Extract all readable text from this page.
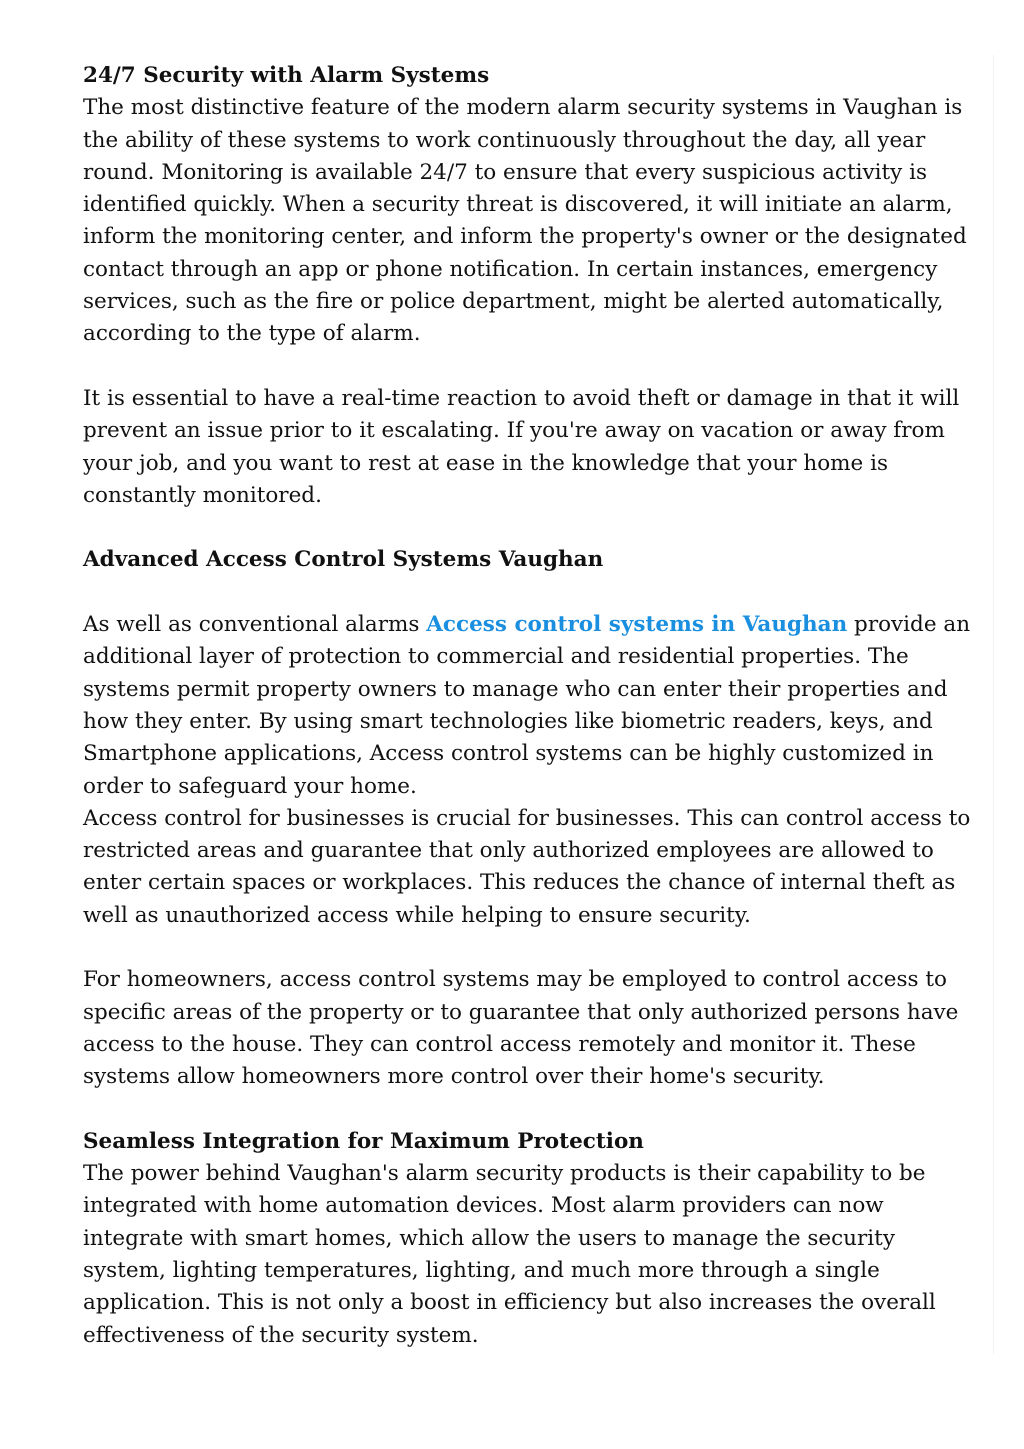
24/7 Security with Alarm Systems

The most distinctive feature of the modern alarm security systems in Vaughan is the ability of these systems to work continuously throughout the day, all year round. Monitoring is available 24/7 to ensure that every suspicious activity is identified quickly. When a security threat is discovered, it will initiate an alarm, inform the monitoring center, and inform the property's owner or the designated contact through an app or phone notification. In certain instances, emergency services, such as the fire or police department, might be alerted automatically, according to the type of alarm.

It is essential to have a real-time reaction to avoid theft or damage in that it will prevent an issue prior to it escalating. If you're away on vacation or away from your job, and you want to rest at ease in the knowledge that your home is constantly monitored.

Advanced Access Control Systems Vaughan

As well as conventional alarms Access control systems in Vaughan provide an additional layer of protection to commercial and residential properties. The systems permit property owners to manage who can enter their properties and how they enter. By using smart technologies like biometric readers, keys, and Smartphone applications, Access control systems can be highly customized in order to safeguard your home.

Access control for businesses is crucial for businesses. This can control access to restricted areas and guarantee that only authorized employees are allowed to enter certain spaces or workplaces. This reduces the chance of internal theft as well as unauthorized access while helping to ensure security.

For homeowners, access control systems may be employed to control access to specific areas of the property or to guarantee that only authorized persons have access to the house. They can control access remotely and monitor it. These systems allow homeowners more control over their home's security.

Seamless Integration for Maximum Protection

The power behind Vaughan's alarm security products is their capability to be integrated with home automation devices. Most alarm providers can now integrate with smart homes, which allow the users to manage the security system, lighting temperatures, lighting, and much more through a single application. This is not only a boost in efficiency but also increases the overall effectiveness of the security system.
